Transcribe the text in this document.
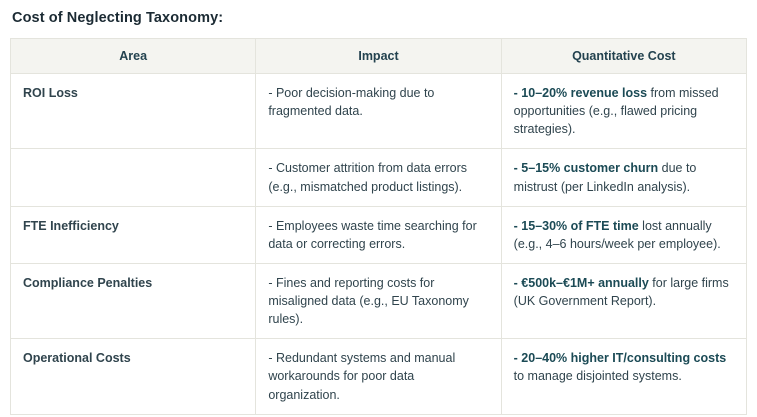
Cost of Neglecting Taxonomy:
Area	Impact	Quantitative Cost
ROI Loss	- Poor decision-making due to fragmented data.	- 10–20% revenue loss from missed opportunities (e.g., flawed pricing strategies).
	- Customer attrition from data errors (e.g., mismatched product listings).	- 5–15% customer churn due to mistrust (per LinkedIn analysis).
FTE Inefficiency	- Employees waste time searching for data or correcting errors.	- 15–30% of FTE time lost annually (e.g., 4–6 hours/week per employee).
Compliance Penalties	- Fines and reporting costs for misaligned data (e.g., EU Taxonomy rules).	- €500k–€1M+ annually for large firms (UK Government Report).
Operational Costs	- Redundant systems and manual workarounds for poor data organization.	- 20–40% higher IT/consulting costs to manage disjointed systems.
